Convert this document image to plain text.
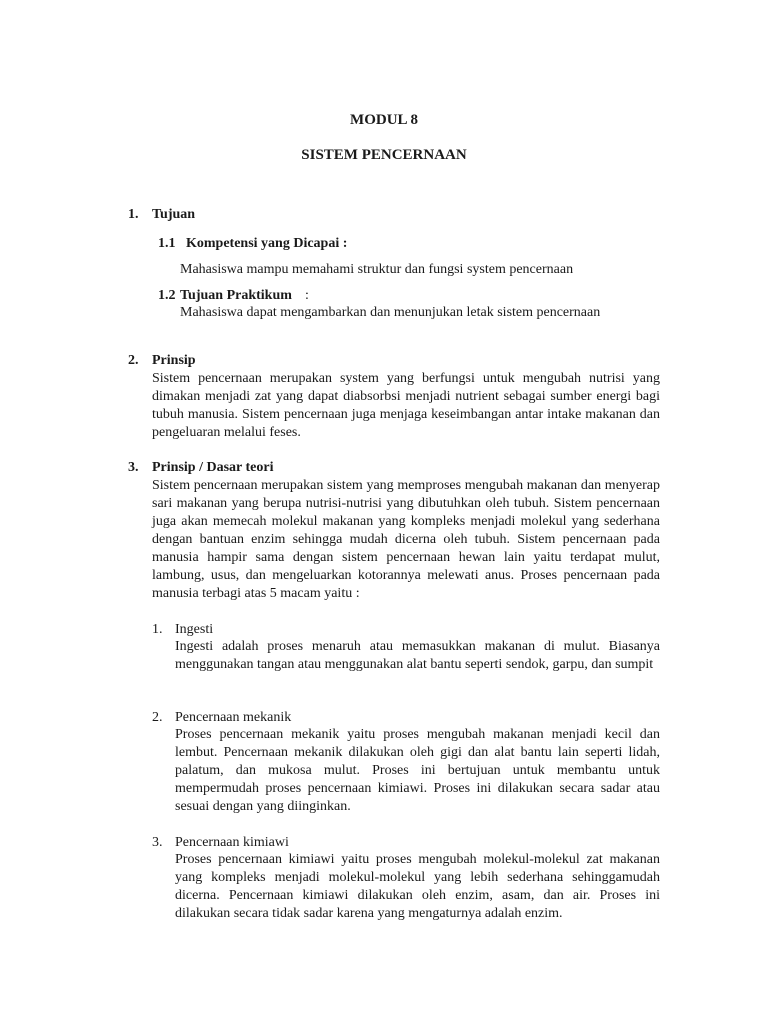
MODUL 8
SISTEM PENCERNAAN
1. Tujuan
1.1 Kompetensi yang Dicapai :
Mahasiswa mampu memahami struktur dan fungsi system pencernaan
1.2 Tujuan Praktikum :
Mahasiswa dapat mengambarkan dan menunjukan letak sistem pencernaan
2. Prinsip

Sistem pencernaan merupakan system yang berfungsi untuk mengubah nutrisi yang dimakan menjadi zat yang dapat diabsorbsi menjadi nutrient sebagai sumber energi bagi tubuh manusia. Sistem pencernaan juga menjaga keseimbangan antar intake makanan dan pengeluaran melalui feses.

3. Prinsip / Dasar teori

Sistem pencernaan merupakan sistem yang memproses mengubah makanan dan menyerap sari makanan yang berupa nutrisi-nutrisi yang dibutuhkan oleh tubuh. Sistem pencernaan juga akan memecah molekul makanan yang kompleks menjadi molekul yang sederhana dengan bantuan enzim sehingga mudah dicerna oleh tubuh. Sistem pencernaan pada manusia hampir sama dengan sistem pencernaan hewan lain yaitu terdapat mulut, lambung, usus, dan mengeluarkan kotorannya melewati anus. Proses pencernaan pada manusia terbagi atas 5 macam yaitu :

1. Ingesti

Ingesti adalah proses menaruh atau memasukkan makanan di mulut. Biasanya menggunakan tangan atau menggunakan alat bantu seperti sendok, garpu, dan sumpit

2. Pencernaan mekanik

Proses pencernaan mekanik yaitu proses mengubah makanan menjadi kecil dan lembut. Pencernaan mekanik dilakukan oleh gigi dan alat bantu lain seperti lidah, palatum, dan mukosa mulut. Proses ini bertujuan untuk membantu untuk mempermudah proses pencernaan kimiawi. Proses ini dilakukan secara sadar atau sesuai dengan yang diinginkan.

3. Pencernaan kimiawi

Proses pencernaan kimiawi yaitu proses mengubah molekul-molekul zat makanan yang kompleks menjadi molekul-molekul yang lebih sederhana sehinggamudah dicerna. Pencernaan kimiawi dilakukan oleh enzim, asam, dan air. Proses ini dilakukan secara tidak sadar karena yang mengaturnya adalah enzim.
